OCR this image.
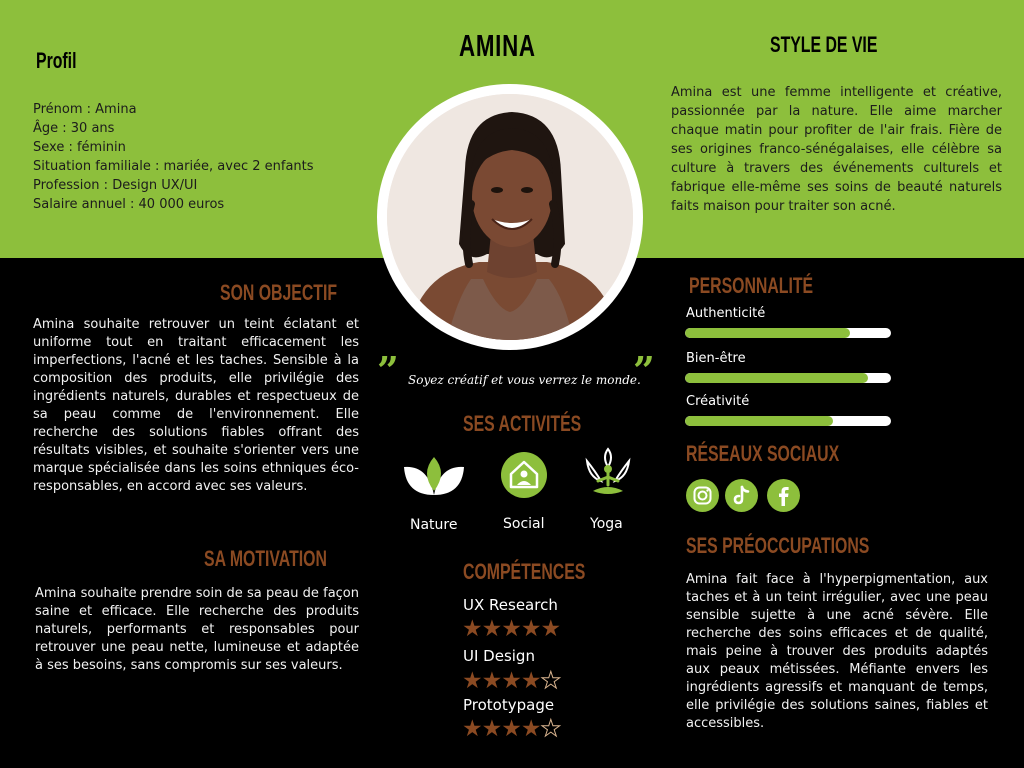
AMINA
Profil
Prénom : Amina
Âge : 30 ans
Sexe : féminin
Situation familiale : mariée, avec 2 enfants
Profession : Design UX/UI
Salaire annuel : 40 000 euros
STYLE DE VIE
Amina est une femme intelligente et créative, passionnée par la nature. Elle aime marcher chaque matin pour profiter de l'air frais. Fière de ses origines franco-sénégalaises, elle célèbre sa culture à travers des événements culturels et fabrique elle-même ses soins de beauté naturels faits maison pour traiter son acné.
SON OBJECTIF
Amina souhaite retrouver un teint éclatant et uniforme tout en traitant efficacement les imperfections, l'acné et les taches. Sensible à la composition des produits, elle privilégie des ingrédients naturels, durables et respectueux de sa peau comme de l'environnement. Elle recherche des solutions fiables offrant des résultats visibles, et souhaite s'orienter vers une marque spécialisée dans les soins ethniques éco-responsables, en accord avec ses valeurs.
SA MOTIVATION
Amina souhaite prendre soin de sa peau de façon saine et efficace. Elle recherche des produits naturels, performants et responsables pour retrouver une peau nette, lumineuse et adaptée à ses besoins, sans compromis sur ses valeurs.
”	”
Soyez créatif et vous verrez le monde.
SES ACTIVITÉS
Nature	Social	Yoga
COMPÉTENCES
UX Research
★★★★★
UI Design
★★★★★
Prototypage
★★★★★
PERSONNALITÉ
Authenticité
Bien-être
Créativité
RÉSEAUX SOCIAUX
SES PRÉOCCUPATIONS
Amina fait face à l'hyperpigmentation, aux taches et à un teint irrégulier, avec une peau sensible sujette à une acné sévère. Elle recherche des soins efficaces et de qualité, mais peine à trouver des produits adaptés aux peaux métissées. Méfiante envers les ingrédients agressifs et manquant de temps, elle privilégie des solutions saines, fiables et accessibles.
